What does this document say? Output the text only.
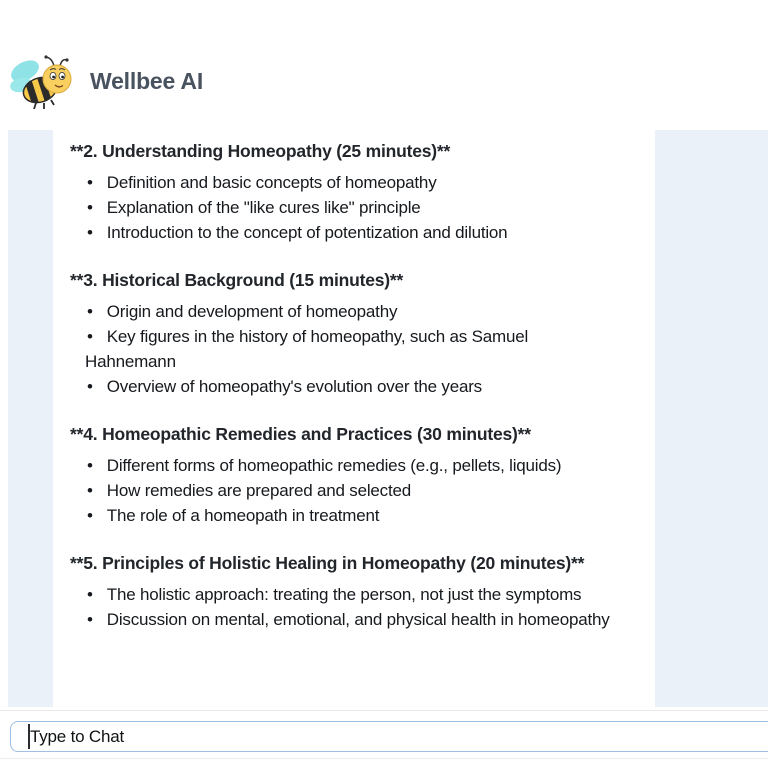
Wellbee AI
**2. Understanding Homeopathy (25 minutes)**
• Definition and basic concepts of homeopathy
• Explanation of the "like cures like" principle
• Introduction to the concept of potentization and dilution
**3. Historical Background (15 minutes)**
• Origin and development of homeopathy
• Key figures in the history of homeopathy, such as Samuel Hahnemann
• Overview of homeopathy's evolution over the years
**4. Homeopathic Remedies and Practices (30 minutes)**
• Different forms of homeopathic remedies (e.g., pellets, liquids)
• How remedies are prepared and selected
• The role of a homeopath in treatment
**5. Principles of Holistic Healing in Homeopathy (20 minutes)**
• The holistic approach: treating the person, not just the symptoms
• Discussion on mental, emotional, and physical health in homeopathy
Type to Chat
